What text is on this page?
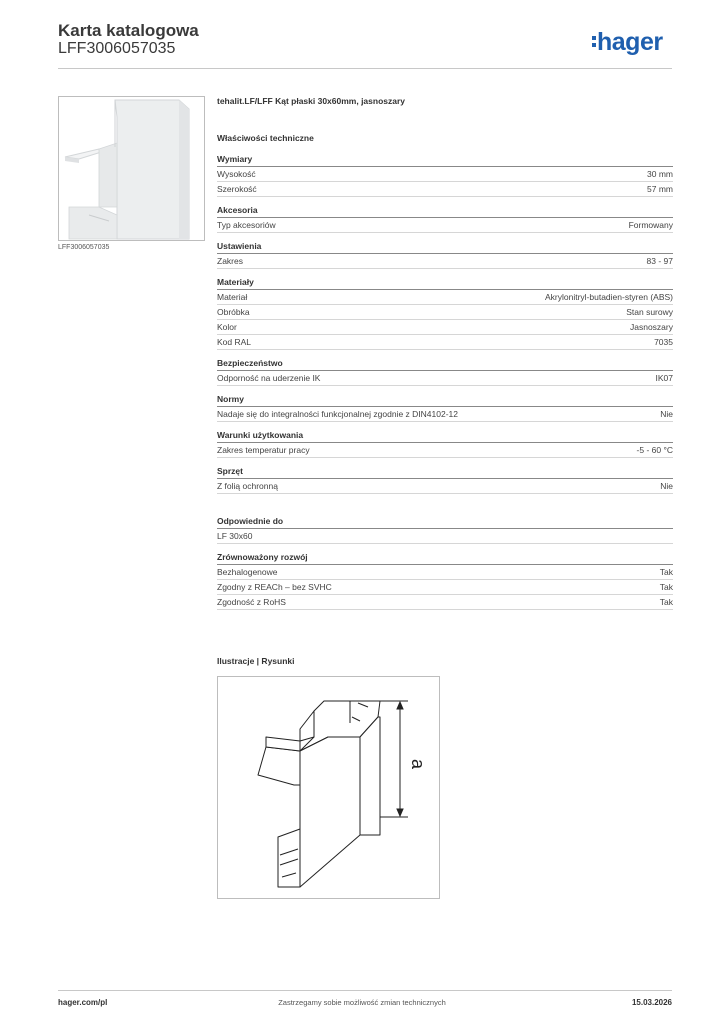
Karta katalogowa
LFF3006057035	hager
LFF3006057035
tehalit.LF/LFF Kąt płaski 30x60mm, jasnoszary
Właściwości techniczne
Wymiary
Wysokość	30 mm
Szerokość	57 mm
Akcesoria
Typ akcesoriów	Formowany
Ustawienia
Zakres	83 - 97
Materiały
Materiał	Akrylonitryl-butadien-styren (ABS)
Obróbka	Stan surowy
Kolor	Jasnoszary
Kod RAL	7035
Bezpieczeństwo
Odporność na uderzenie IK	IK07
Normy
Nadaje się do integralności funkcjonalnej zgodnie z DIN4102-12	Nie
Warunki użytkowania
Zakres temperatur pracy	-5 - 60 °C
Sprzęt
Z folią ochronną	Nie
Odpowiednie do
LF 30x60
Zrównoważony rozwój
Bezhalogenowe	Tak
Zgodny z REACh – bez SVHC	Tak
Zgodność z RoHS	Tak
Ilustracje | Rysunki
a
hager.com/pl	Zastrzegamy sobie możliwość zmian technicznych	15.03.2026
